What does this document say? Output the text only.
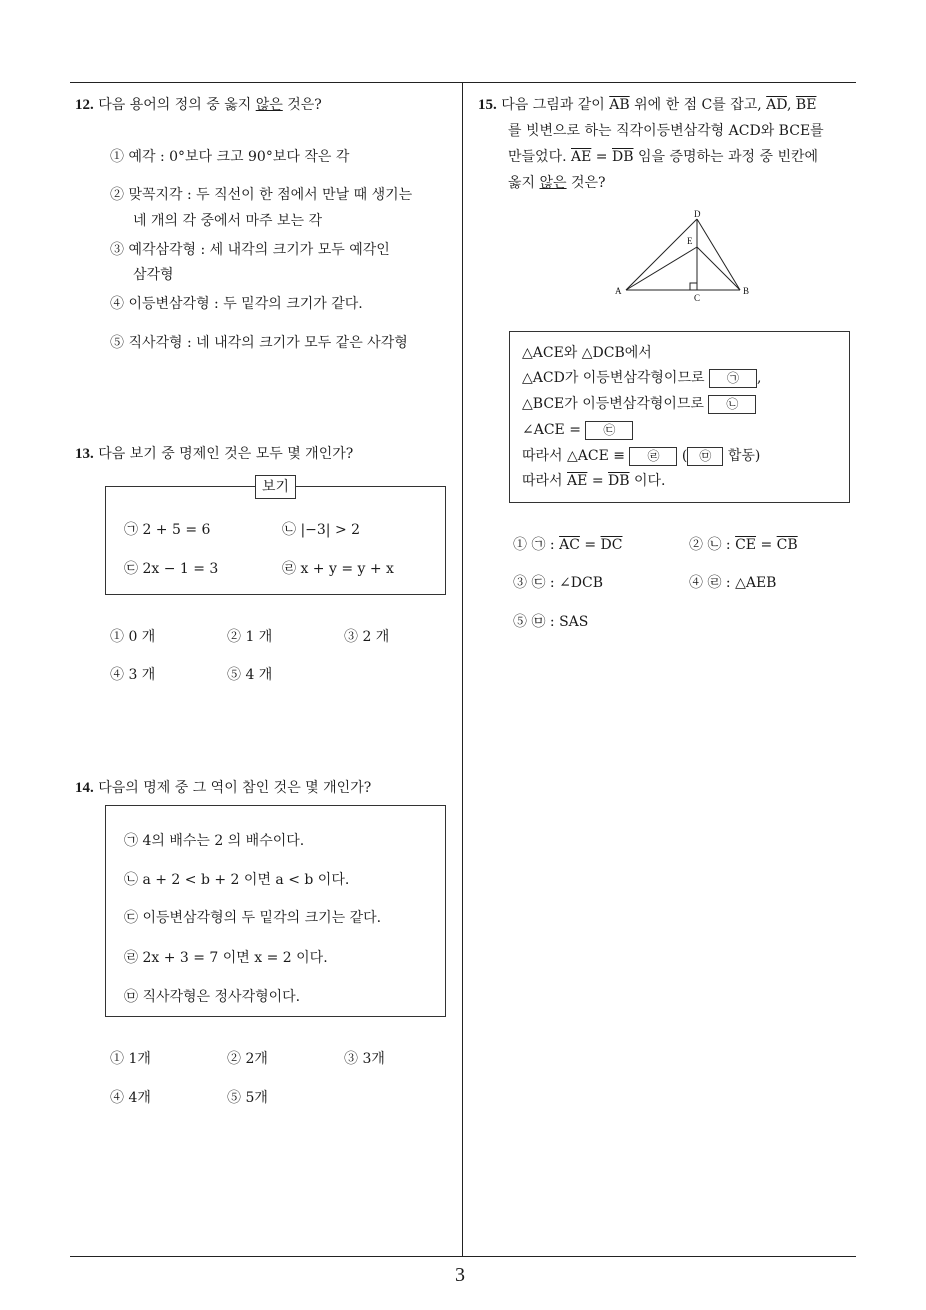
3
12. 다음 용어의 정의 중 옳지 않은 것은?
① 예각 : 0°보다 크고 90°보다 작은 각
② 맞꼭지각 : 두 직선이 한 점에서 만날 때 생기는
네 개의 각 중에서 마주 보는 각
③ 예각삼각형 : 세 내각의 크기가 모두 예각인
삼각형
④ 이등변삼각형 : 두 밑각의 크기가 같다.
⑤ 직사각형 : 네 내각의 크기가 모두 같은 사각형
13. 다음 보기 중 명제인 것은 모두 몇 개인가?
보기
㉠ 2 + 5 = 6	㉡ |−3| > 2
㉢ 2x − 1 = 3	㉣ x + y = y + x
① 0 개	② 1 개	③ 2 개
④ 3 개	⑤ 4 개
14. 다음의 명제 중 그 역이 참인 것은 몇 개인가?
㉠ 4의 배수는 2 의 배수이다.
㉡ a + 2 < b + 2 이면 a < b 이다.
㉢ 이등변삼각형의 두 밑각의 크기는 같다.
㉣ 2x + 3 = 7 이면 x = 2 이다.
㉤ 직사각형은 정사각형이다.
① 1개	② 2개	③ 3개
④ 4개	⑤ 5개
15. 다음 그림과 같이 $\overline{AB}$ 위에 한 점 C를 잡고, $\overline{AD}$, $\overline{BE}$
를 빗변으로 하는 직각이등변삼각형 ACD와 BCE를
만들었다. $\overline{AE} = \overline{DB}$ 임을 증명하는 과정 중 빈칸에
옳지 않은 것은?
A	B
C
D
E
△ACE와 △DCB에서
△ACD가 이등변삼각형이므로 ㉠ ,
△BCE가 이등변삼각형이므로 ㉡
∠ACE = ㉢
따라서 △ACE ≡ ㉣ ( ㉤ 합동)
따라서 $\overline{AE} = \overline{DB}$ 이다.
① ㉠ : $\overline{AC} = \overline{DC}$	② ㉡ : $\overline{CE} = \overline{CB}$
③ ㉢ : ∠DCB	④ ㉣ : △AEB
⑤ ㉤ : SAS
